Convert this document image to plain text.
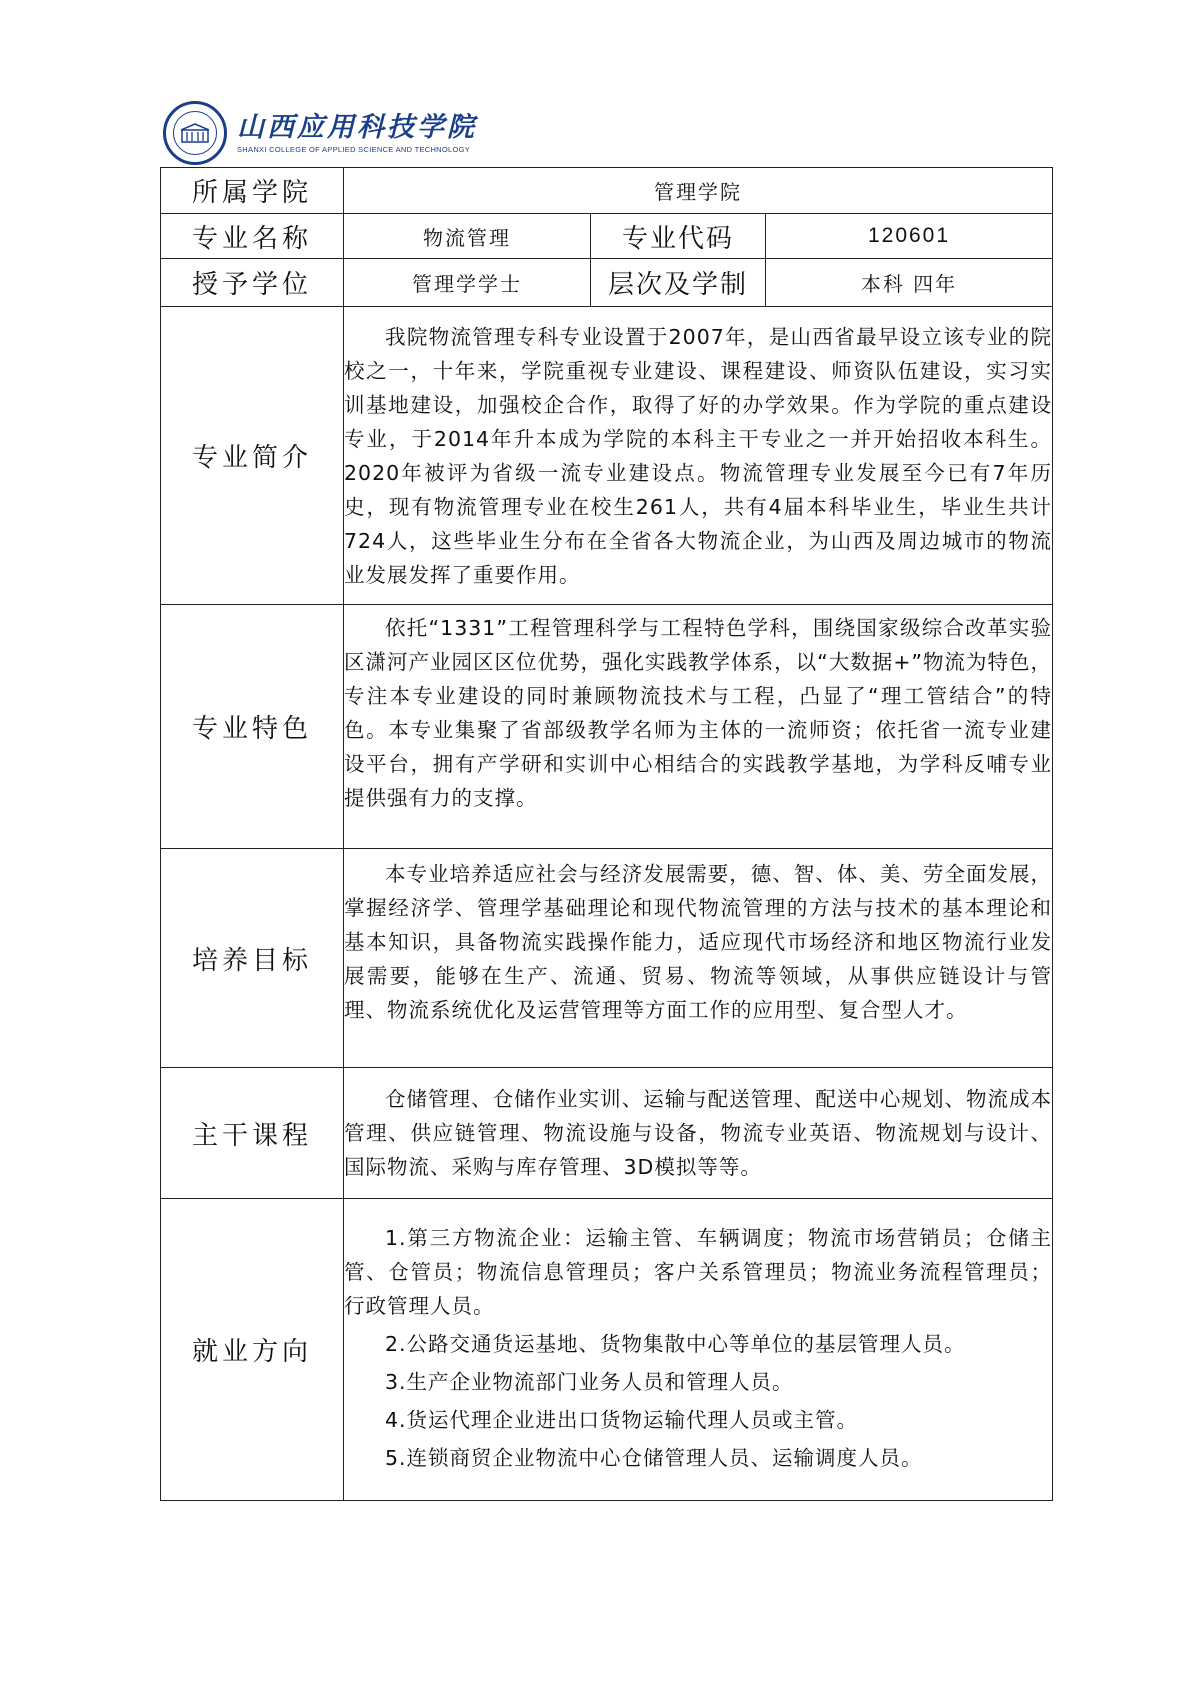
山西应用科技学院
SHANXI COLLEGE OF APPLIED SCIENCE AND TECHNOLOGY
所属学院	管理学院		
专业名称	物流管理	专业代码	120601
授予学位	管理学学士	层次及学制	本科 四年
专业简介	我院物流管理专科专业设置于2007年，是山西省最早设立该专业的院校之一，十年来，学院重视专业建设、课程建设、师资队伍建设，实习实训基地建设，加强校企合作，取得了好的办学效果。作为学院的重点建设专业，于2014年升本成为学院的本科主干专业之一并开始招收本科生。2020年被评为省级一流专业建设点。物流管理专业发展至今已有7年历史，现有物流管理专业在校生261人，共有4届本科毕业生，毕业生共计724人，这些毕业生分布在全省各大物流企业，为山西及周边城市的物流业发展发挥了重要作用。		

专业特色	依托“1331”工程管理科学与工程特色学科，围绕国家级综合改革实验区潇河产业园区区位优势，强化实践教学体系，以“大数据+”物流为特色，专注本专业建设的同时兼顾物流技术与工程，凸显了“理工管结合”的特色。本专业集聚了省部级教学名师为主体的一流师资；依托省一流专业建设平台，拥有产学研和实训中心相结合的实践教学基地，为学科反哺专业提供强有力的支撑。		

培养目标	本专业培养适应社会与经济发展需要，德、智、体、美、劳全面发展，掌握经济学、管理学基础理论和现代物流管理的方法与技术的基本理论和基本知识，具备物流实践操作能力，适应现代市场经济和地区物流行业发展需要，能够在生产、流通、贸易、物流等领域，从事供应链设计与管理、物流系统优化及运营管理等方面工作的应用型、复合型人才。		

主干课程	仓储管理、仓储作业实训、运输与配送管理、配送中心规划、物流成本管理、供应链管理、物流设施与设备，物流专业英语、物流规划与设计、国际物流、采购与库存管理、3D模拟等等。		

就业方向	1.第三方物流企业：运输主管、车辆调度；物流市场营销员；仓储主管、仓管员；物流信息管理员；客户关系管理员；物流业务流程管理员；行政管理人员。

2.公路交通货运基地、货物集散中心等单位的基层管理人员。

3.生产企业物流部门业务人员和管理人员。

4.货运代理企业进出口货物运输代理人员或主管。

5.连锁商贸企业物流中心仓储管理人员、运输调度人员。		
